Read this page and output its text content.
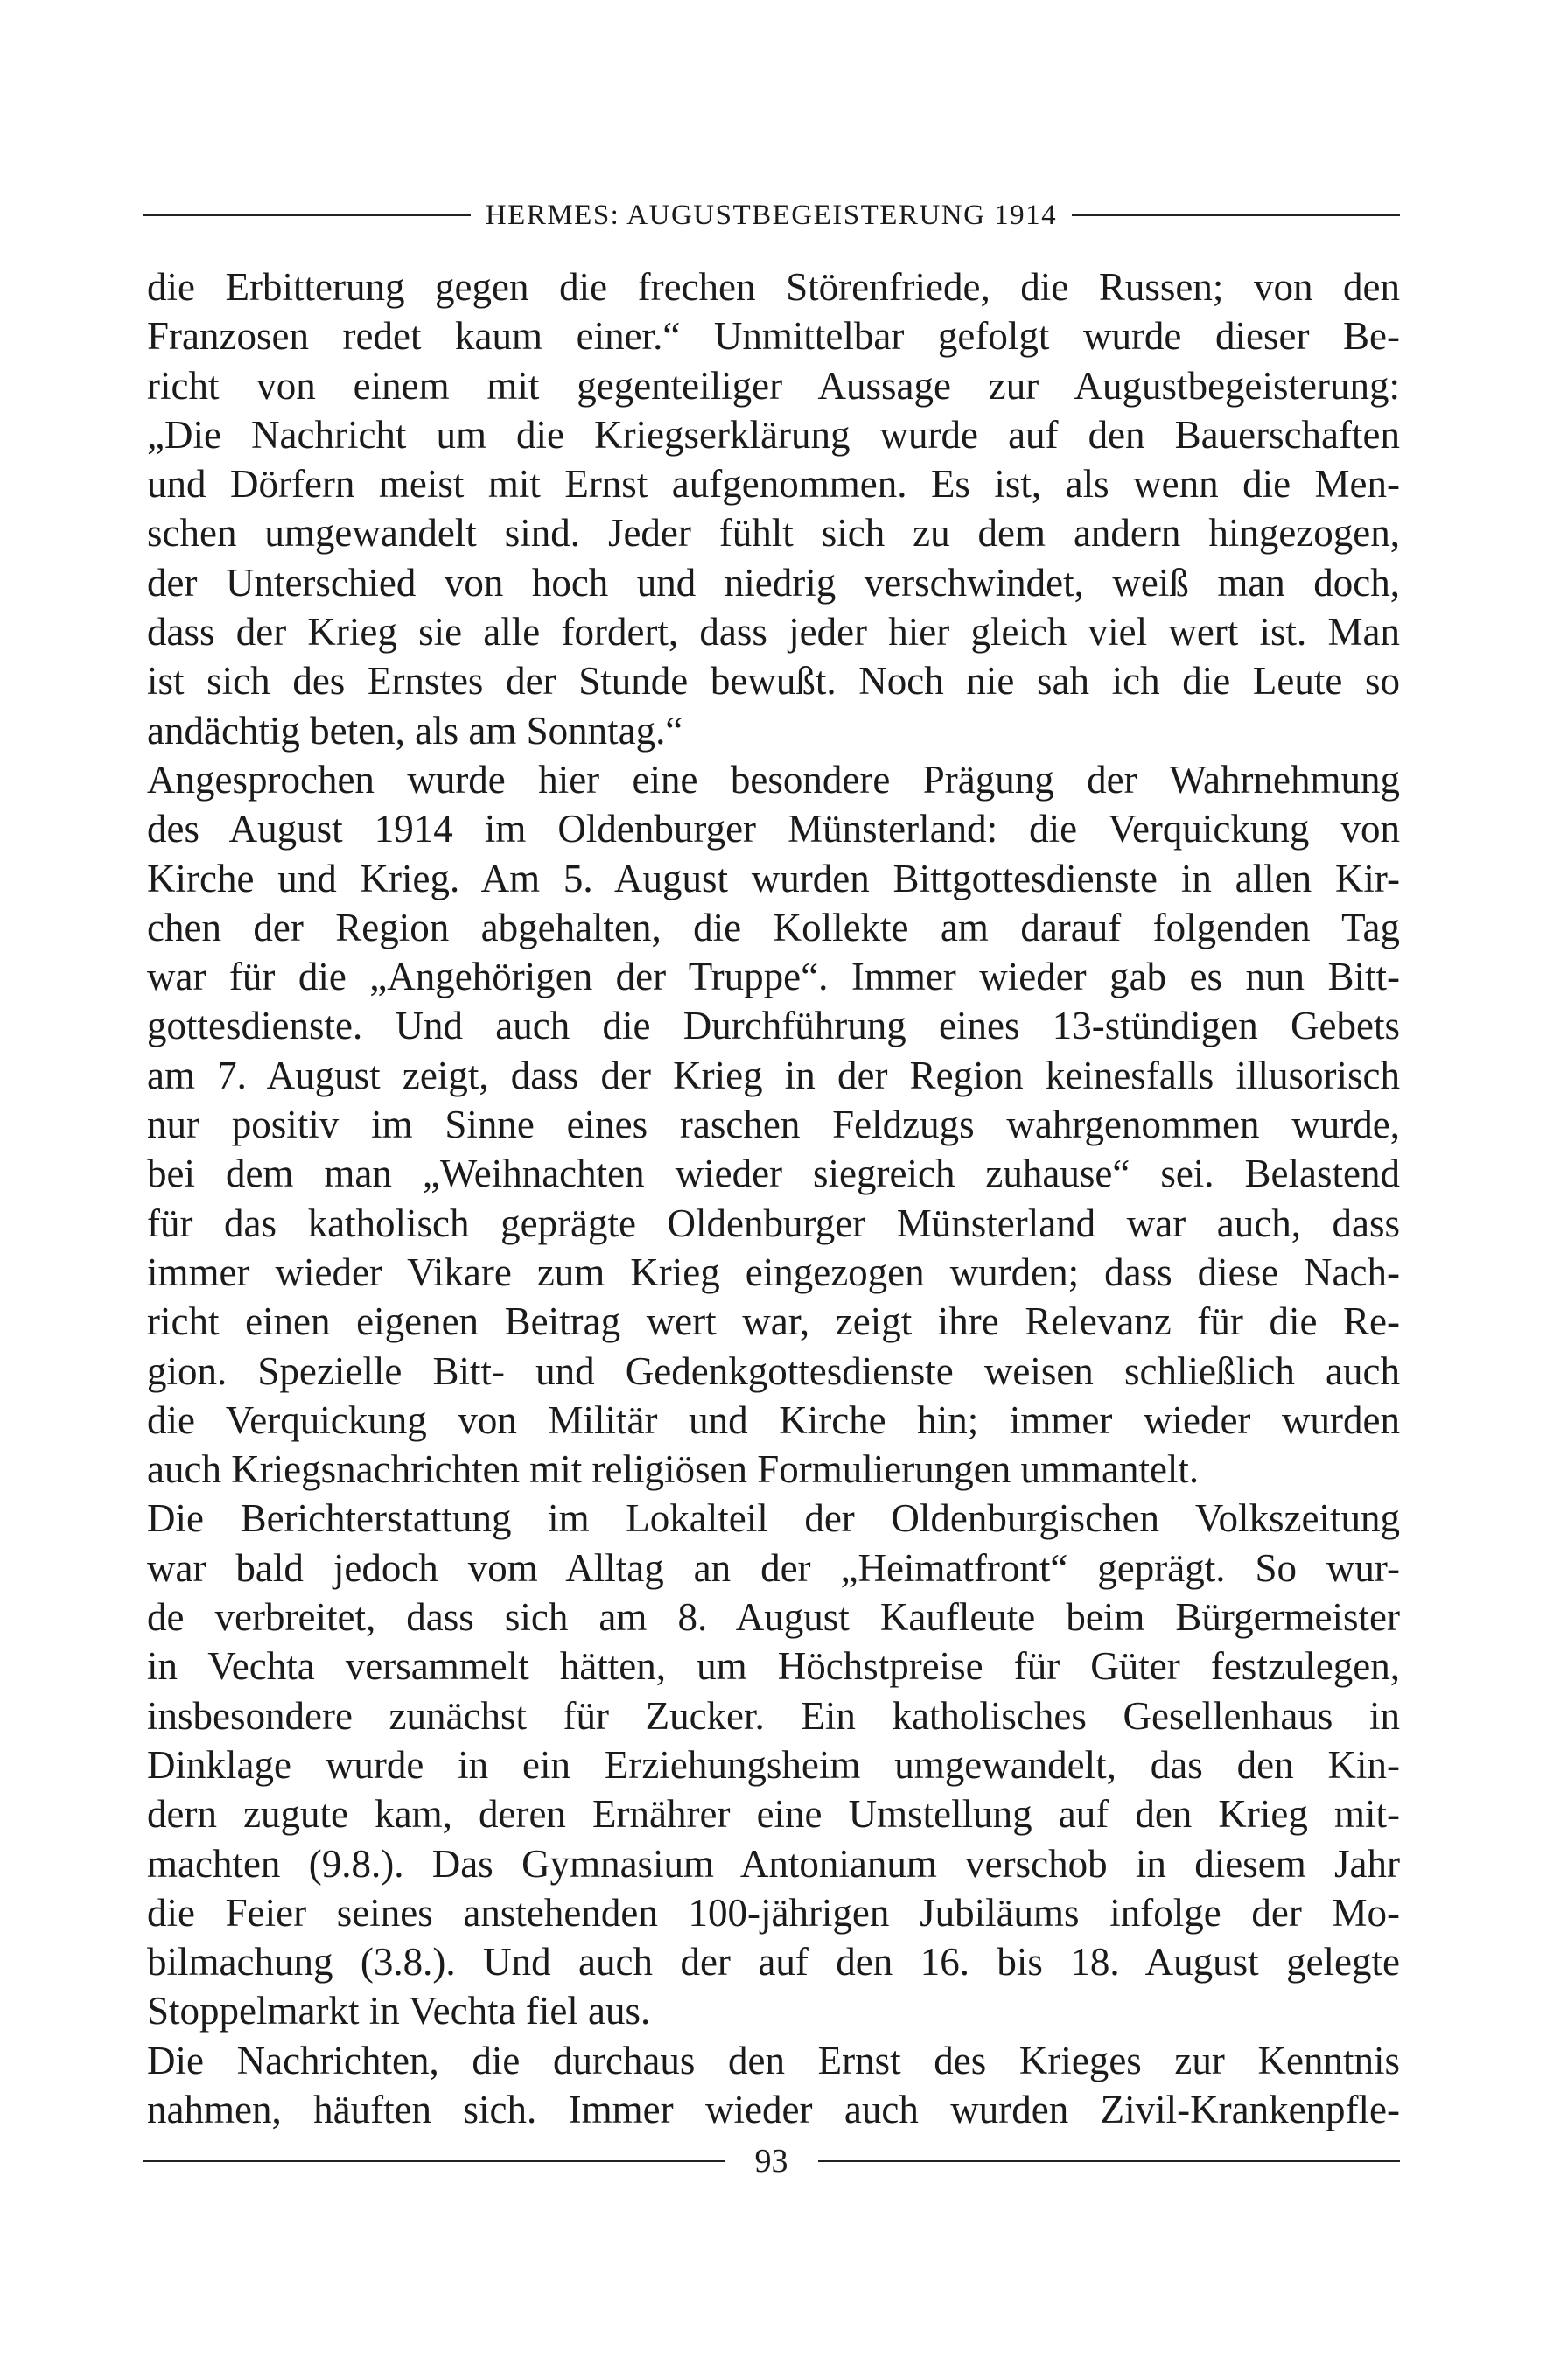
HERMES: AUGUSTBEGEISTERUNG 1914
die Erbitterung gegen die frechen Störenfriede, die Russen; von den
Franzosen redet kaum einer.“ Unmittelbar gefolgt wurde dieser Be-
richt von einem mit gegenteiliger Aussage zur Augustbegeisterung:
„Die Nachricht um die Kriegserklärung wurde auf den Bauerschaften
und Dörfern meist mit Ernst aufgenommen. Es ist, als wenn die Men-
schen umgewandelt sind. Jeder fühlt sich zu dem andern hingezogen,
der Unterschied von hoch und niedrig verschwindet, weiß man doch,
dass der Krieg sie alle fordert, dass jeder hier gleich viel wert ist. Man
ist sich des Ernstes der Stunde bewußt. Noch nie sah ich die Leute so
andächtig beten, als am Sonntag.“
Angesprochen wurde hier eine besondere Prägung der Wahrnehmung
des August 1914 im Oldenburger Münsterland: die Verquickung von
Kirche und Krieg. Am 5. August wurden Bittgottesdienste in allen Kir-
chen der Region abgehalten, die Kollekte am darauf folgenden Tag
war für die „Angehörigen der Truppe“. Immer wieder gab es nun Bitt-
gottesdienste. Und auch die Durchführung eines 13-stündigen Gebets
am 7. August zeigt, dass der Krieg in der Region keinesfalls illusorisch
nur positiv im Sinne eines raschen Feldzugs wahrgenommen wurde,
bei dem man „Weihnachten wieder siegreich zuhause“ sei. Belastend
für das katholisch geprägte Oldenburger Münsterland war auch, dass
immer wieder Vikare zum Krieg eingezogen wurden; dass diese Nach-
richt einen eigenen Beitrag wert war, zeigt ihre Relevanz für die Re-
gion. Spezielle Bitt- und Gedenkgottesdienste weisen schließlich auch
die Verquickung von Militär und Kirche hin; immer wieder wurden
auch Kriegsnachrichten mit religiösen Formulierungen ummantelt.
Die Berichterstattung im Lokalteil der Oldenburgischen Volkszeitung
war bald jedoch vom Alltag an der „Heimatfront“ geprägt. So wur-
de verbreitet, dass sich am 8. August Kaufleute beim Bürgermeister
in Vechta versammelt hätten, um Höchstpreise für Güter festzulegen,
insbesondere zunächst für Zucker. Ein katholisches Gesellenhaus in
Dinklage wurde in ein Erziehungsheim umgewandelt, das den Kin-
dern zugute kam, deren Ernährer eine Umstellung auf den Krieg mit-
machten (9.8.). Das Gymnasium Antonianum verschob in diesem Jahr
die Feier seines anstehenden 100-jährigen Jubiläums infolge der Mo-
bilmachung (3.8.). Und auch der auf den 16. bis 18. August gelegte
Stoppelmarkt in Vechta fiel aus.
Die Nachrichten, die durchaus den Ernst des Krieges zur Kenntnis
nahmen, häuften sich. Immer wieder auch wurden Zivil-Krankenpfle-
93
